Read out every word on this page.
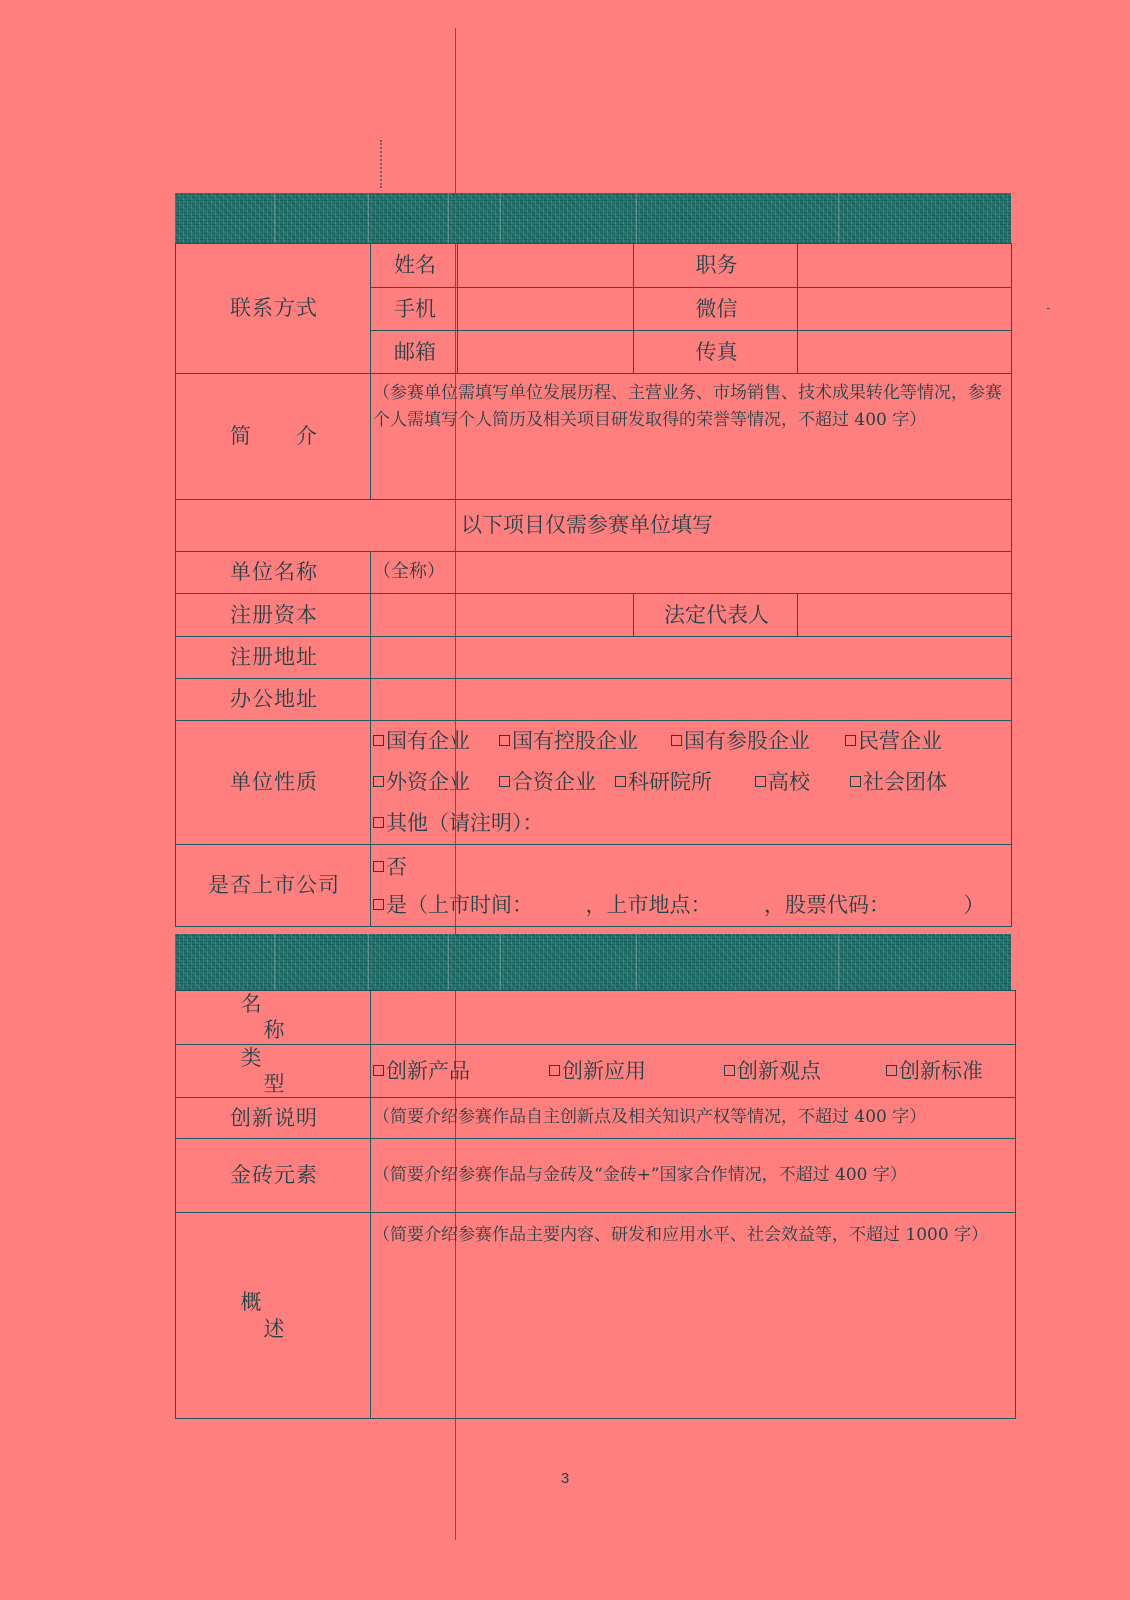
联系方式	姓名		职务	
	手机		微信	
	邮箱		传真	
简　　介	（参赛单位需填写单位发展历程、主营业务、市场销售、技术成果转化等情况，参赛个人需填写个人简历及相关项目研发取得的荣誉等情况，不超过 400 字）			
以下项目仅需参赛单位填写				
单位名称	（全称）			
注册资本			法定代表人	
注册地址				
办公地址				
单位性质	国有企业 国有控股企业 国有参股企业 民营企业
外资企业 合资企业 科研院所 高校 社会团体
其他（请注明）：			

是否上市公司	否
是（上市时间：　　　，上市地点：　　　，股票代码：　　　　）			
名　　称	
类　　型	创新产品 创新应用 创新观点 创新标准
创新说明	（简要介绍参赛作品自主创新点及相关知识产权等情况，不超过 400 字）
金砖元素	（简要介绍参赛作品与金砖及“金砖+”国家合作情况，不超过 400 字）
概　　述	（简要介绍参赛作品主要内容、研发和应用水平、社会效益等，不超过 1000 字）
3
